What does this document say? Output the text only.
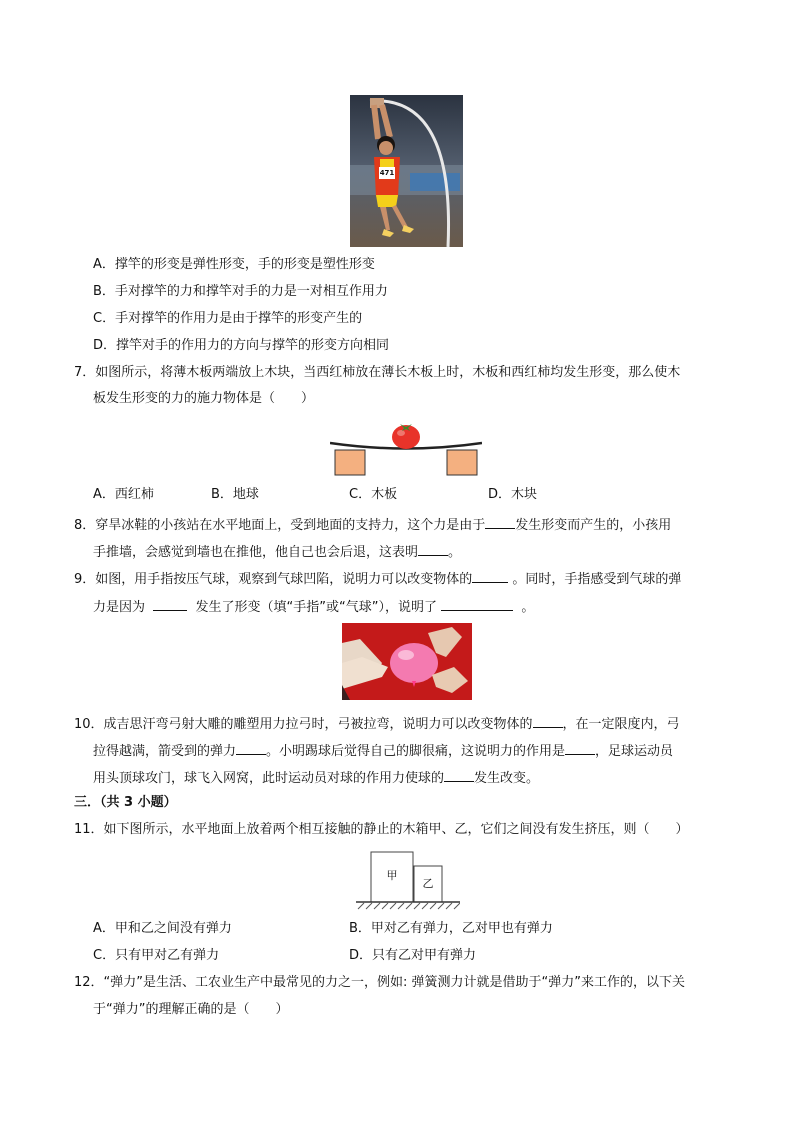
471
A．撑竿的形变是弹性形变，手的形变是塑性形变
B．手对撑竿的力和撑竿对手的力是一对相互作用力
C．手对撑竿的作用力是由于撑竿的形变产生的
D．撑竿对手的作用力的方向与撑竿的形变方向相同
7．如图所示，将薄木板两端放上木块，当西红柿放在薄长木板上时，木板和西红柿均发生形变，那么使木
板发生形变的力的施力物体是（　　）
A．西红柿	B．地球	C．木板	D．木块
8．穿旱冰鞋的小孩站在水平地面上，受到地面的支持力，这个力是由于 发生形变而产生的，小孩用
手推墙，会感觉到墙也在推他，他自己也会后退，这表明 。
9．如图，用手指按压气球，观察到气球凹陷，说明力可以改变物体的	。同时，手指感受到气球的弹
力是因为	发生了形变（填“手指”或“气球”），说明了	。
10．成吉思汗弯弓射大雕的雕塑用力拉弓时，弓被拉弯，说明力可以改变物体的 ，在一定限度内，弓
拉得越满，箭受到的弹力 。小明踢球后觉得自己的脚很痛，这说明力的作用是 ，足球运动员
用头顶球攻门，球飞入网窝，此时运动员对球的作用力使球的 发生改变。
三．（共 3 小题）
11．如下图所示，水平地面上放着两个相互接触的静止的木箱甲、乙，它们之间没有发生挤压，则（　　）
甲
乙
A．甲和乙之间没有弹力	B．甲对乙有弹力，乙对甲也有弹力
C．只有甲对乙有弹力	D．只有乙对甲有弹力
12．“弹力”是生活、工农业生产中最常见的力之一，例如: 弹簧测力计就是借助于“弹力”来工作的，以下关
于“弹力”的理解正确的是（　　）
